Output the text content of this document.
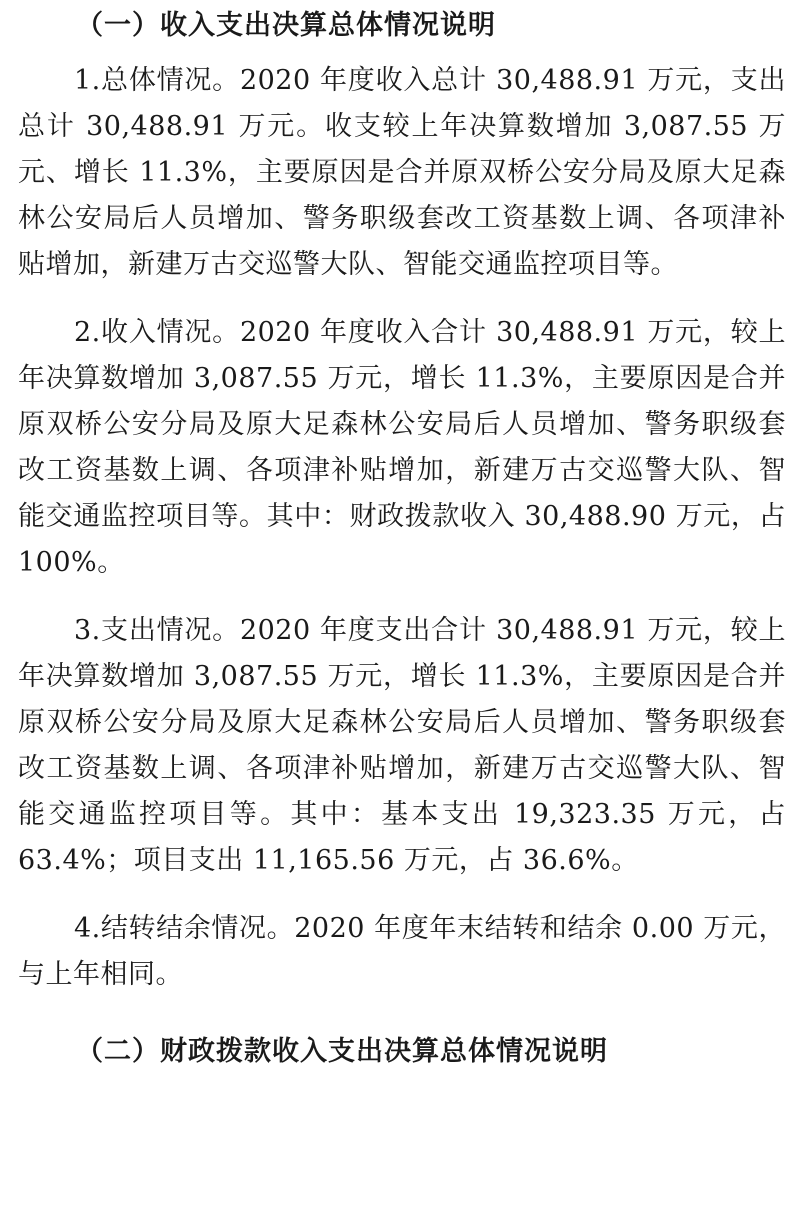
（一）收入支出决算总体情况说明

1.总体情况。2020 年度收入总计 30,488.91 万元，支出总计 30,488.91 万元。收支较上年决算数增加 3,087.55 万元、增长 11.3%，主要原因是合并原双桥公安分局及原大足森林公安局后人员增加、警务职级套改工资基数上调、各项津补贴增加，新建万古交巡警大队、智能交通监控项目等。

2.收入情况。2020 年度收入合计 30,488.91 万元，较上年决算数增加 3,087.55 万元，增长 11.3%，主要原因是合并原双桥公安分局及原大足森林公安局后人员增加、警务职级套改工资基数上调、各项津补贴增加，新建万古交巡警大队、智能交通监控项目等。其中：财政拨款收入 30,488.90 万元，占 100%。

3.支出情况。2020 年度支出合计 30,488.91 万元，较上年决算数增加 3,087.55 万元，增长 11.3%，主要原因是合并原双桥公安分局及原大足森林公安局后人员增加、警务职级套改工资基数上调、各项津补贴增加，新建万古交巡警大队、智能交通监控项目等。其中：基本支出 19,323.35 万元，占 63.4%；项目支出 11,165.56 万元，占 36.6%。

4.结转结余情况。2020 年度年末结转和结余 0.00 万元，与上年相同。

（二）财政拨款收入支出决算总体情况说明
